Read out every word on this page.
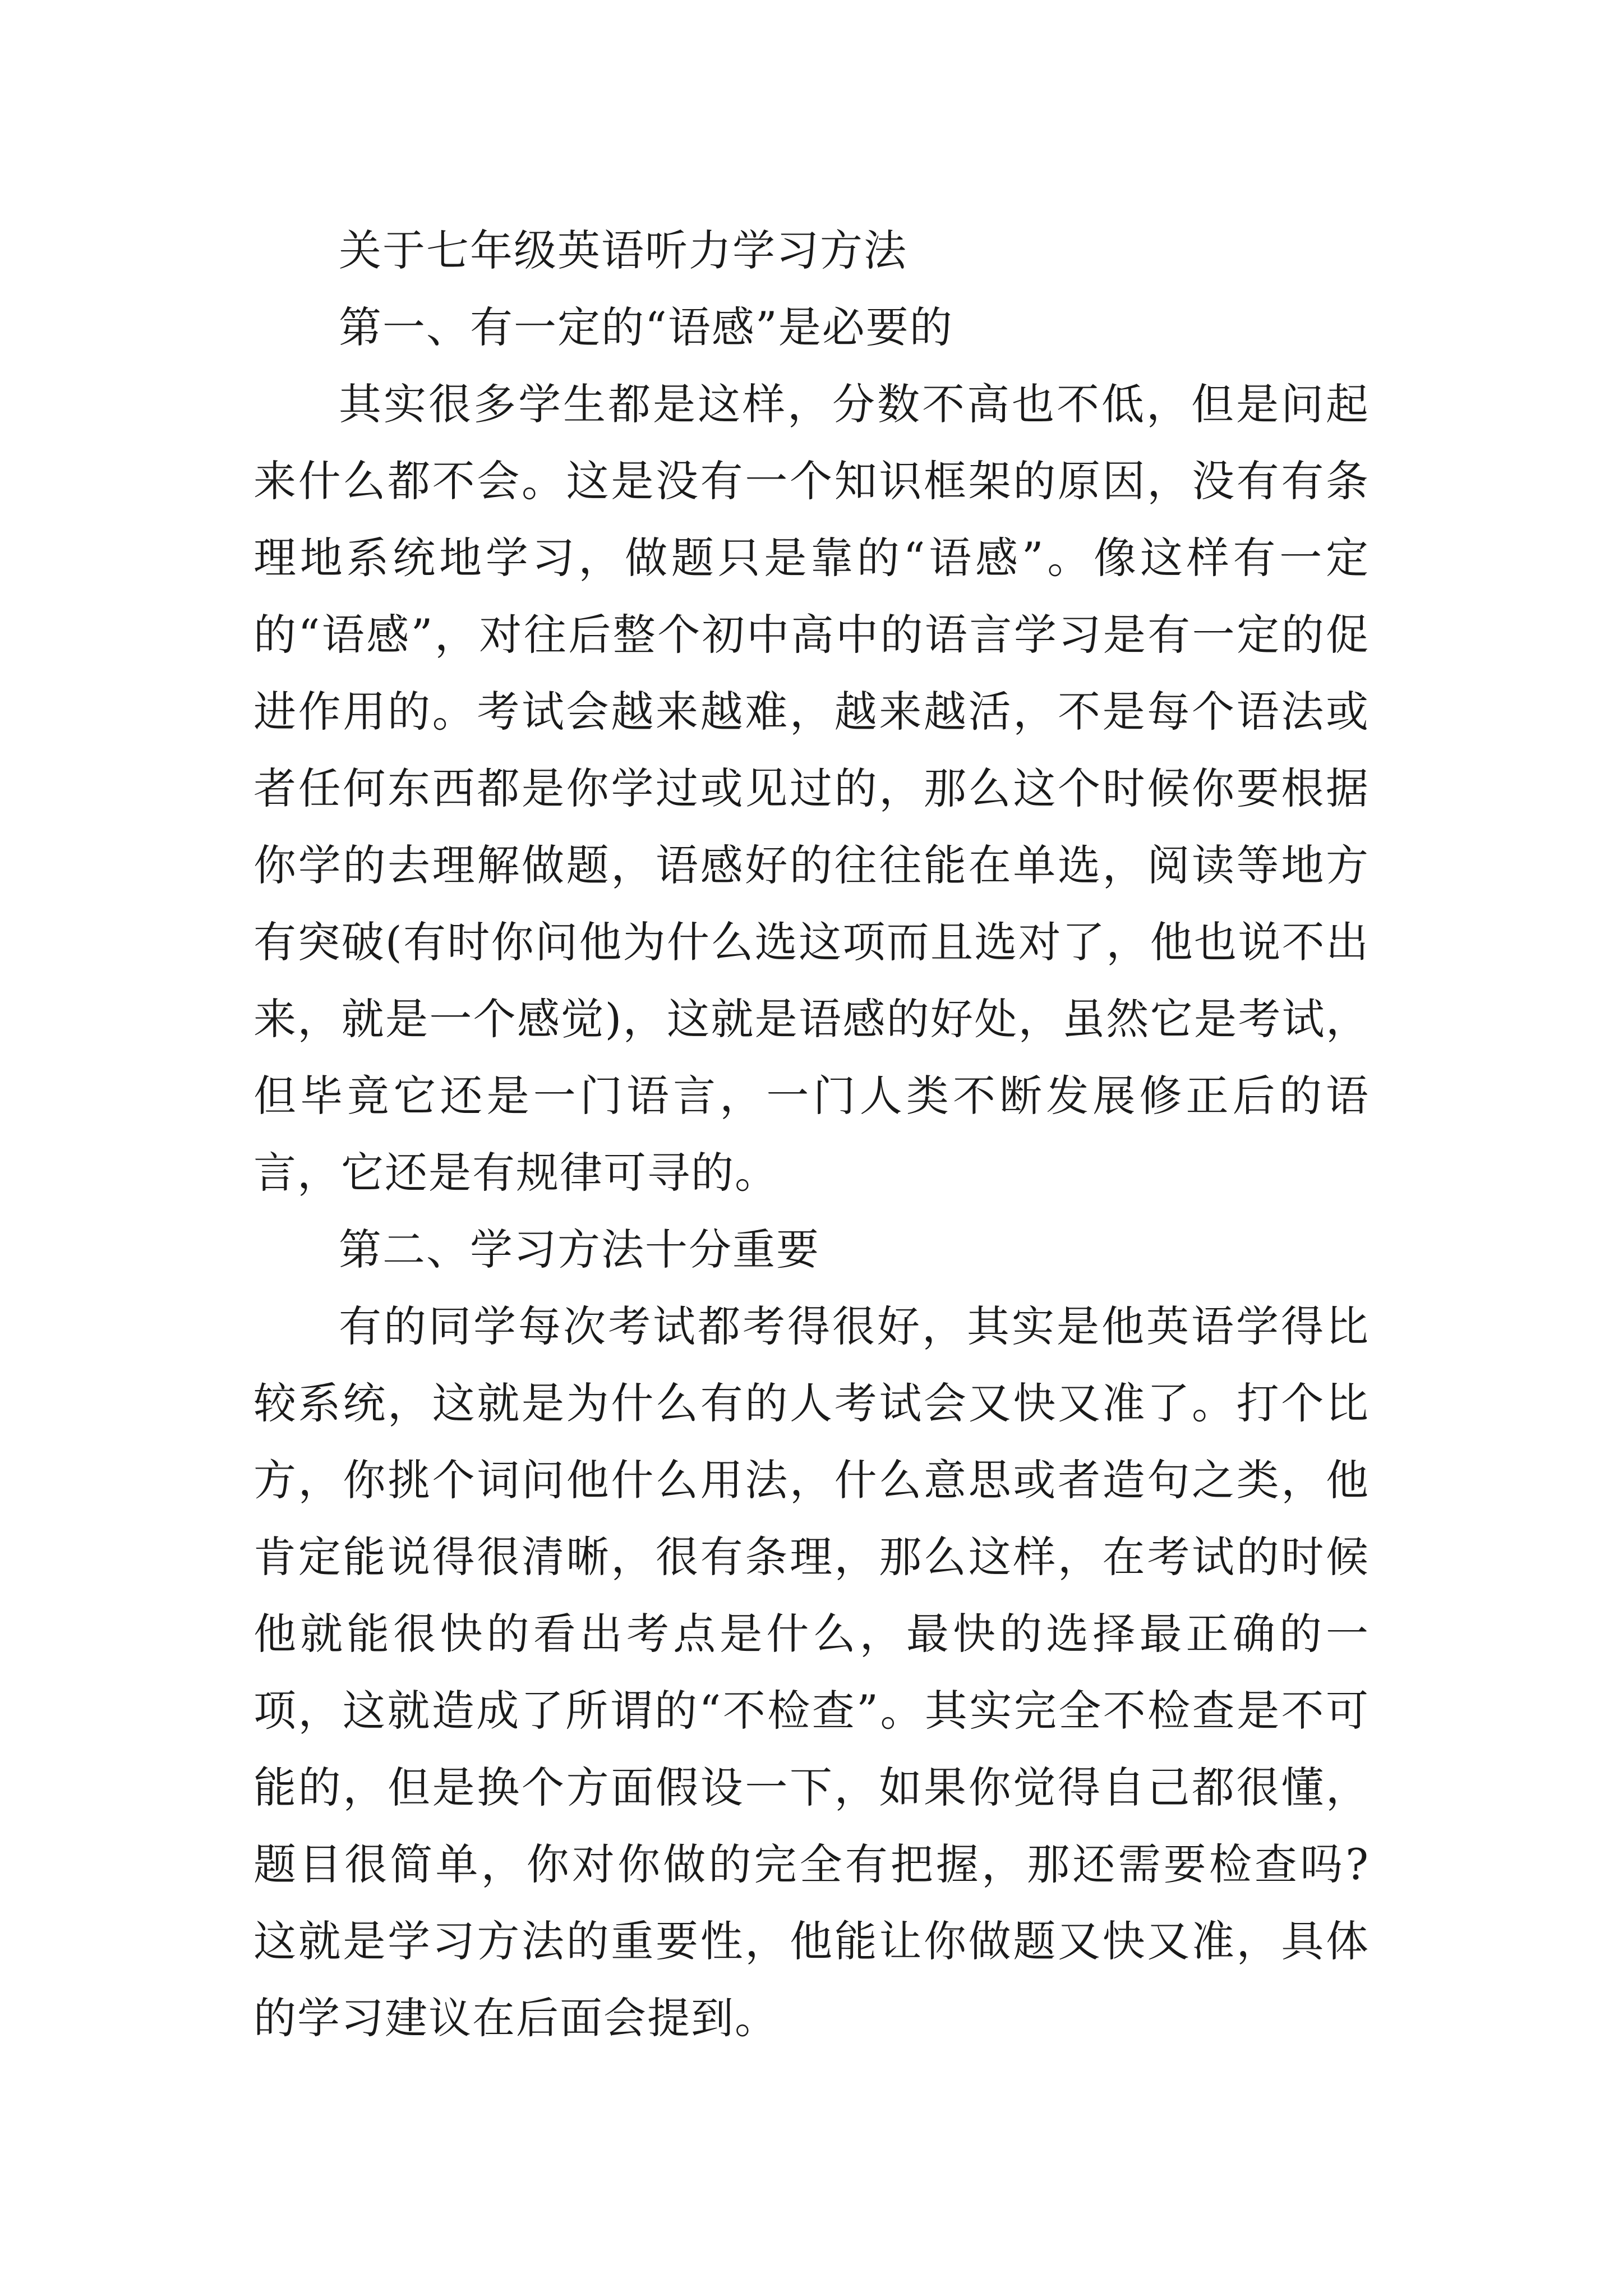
关于七年级英语听力学习方法

第一、有一定的“语感”是必要的

其实很多学生都是这样，分数不高也不低，但是问起来什么都不会。这是没有一个知识框架的原因，没有有条理地系统地学习，做题只是靠的“语感”。像这样有一定的“语感”，对往后整个初中高中的语言学习是有一定的促进作用的。考试会越来越难，越来越活，不是每个语法或者任何东西都是你学过或见过的，那么这个时候你要根据你学的去理解做题，语感好的往往能在单选，阅读等地方有突破(有时你问他为什么选这项而且选对了，他也说不出来，就是一个感觉)，这就是语感的好处，虽然它是考试，但毕竟它还是一门语言，一门人类不断发展修正后的语言，它还是有规律可寻的。

第二、学习方法十分重要

有的同学每次考试都考得很好，其实是他英语学得比较系统，这就是为什么有的人考试会又快又准了。打个比方，你挑个词问他什么用法，什么意思或者造句之类，他肯定能说得很清晰，很有条理，那么这样，在考试的时候他就能很快的看出考点是什么，最快的选择最正确的一项，这就造成了所谓的“不检查”。其实完全不检查是不可能的，但是换个方面假设一下，如果你觉得自己都很懂，题目很简单，你对你做的完全有把握，那还需要检查吗?这就是学习方法的重要性，他能让你做题又快又准，具体的学习建议在后面会提到。
